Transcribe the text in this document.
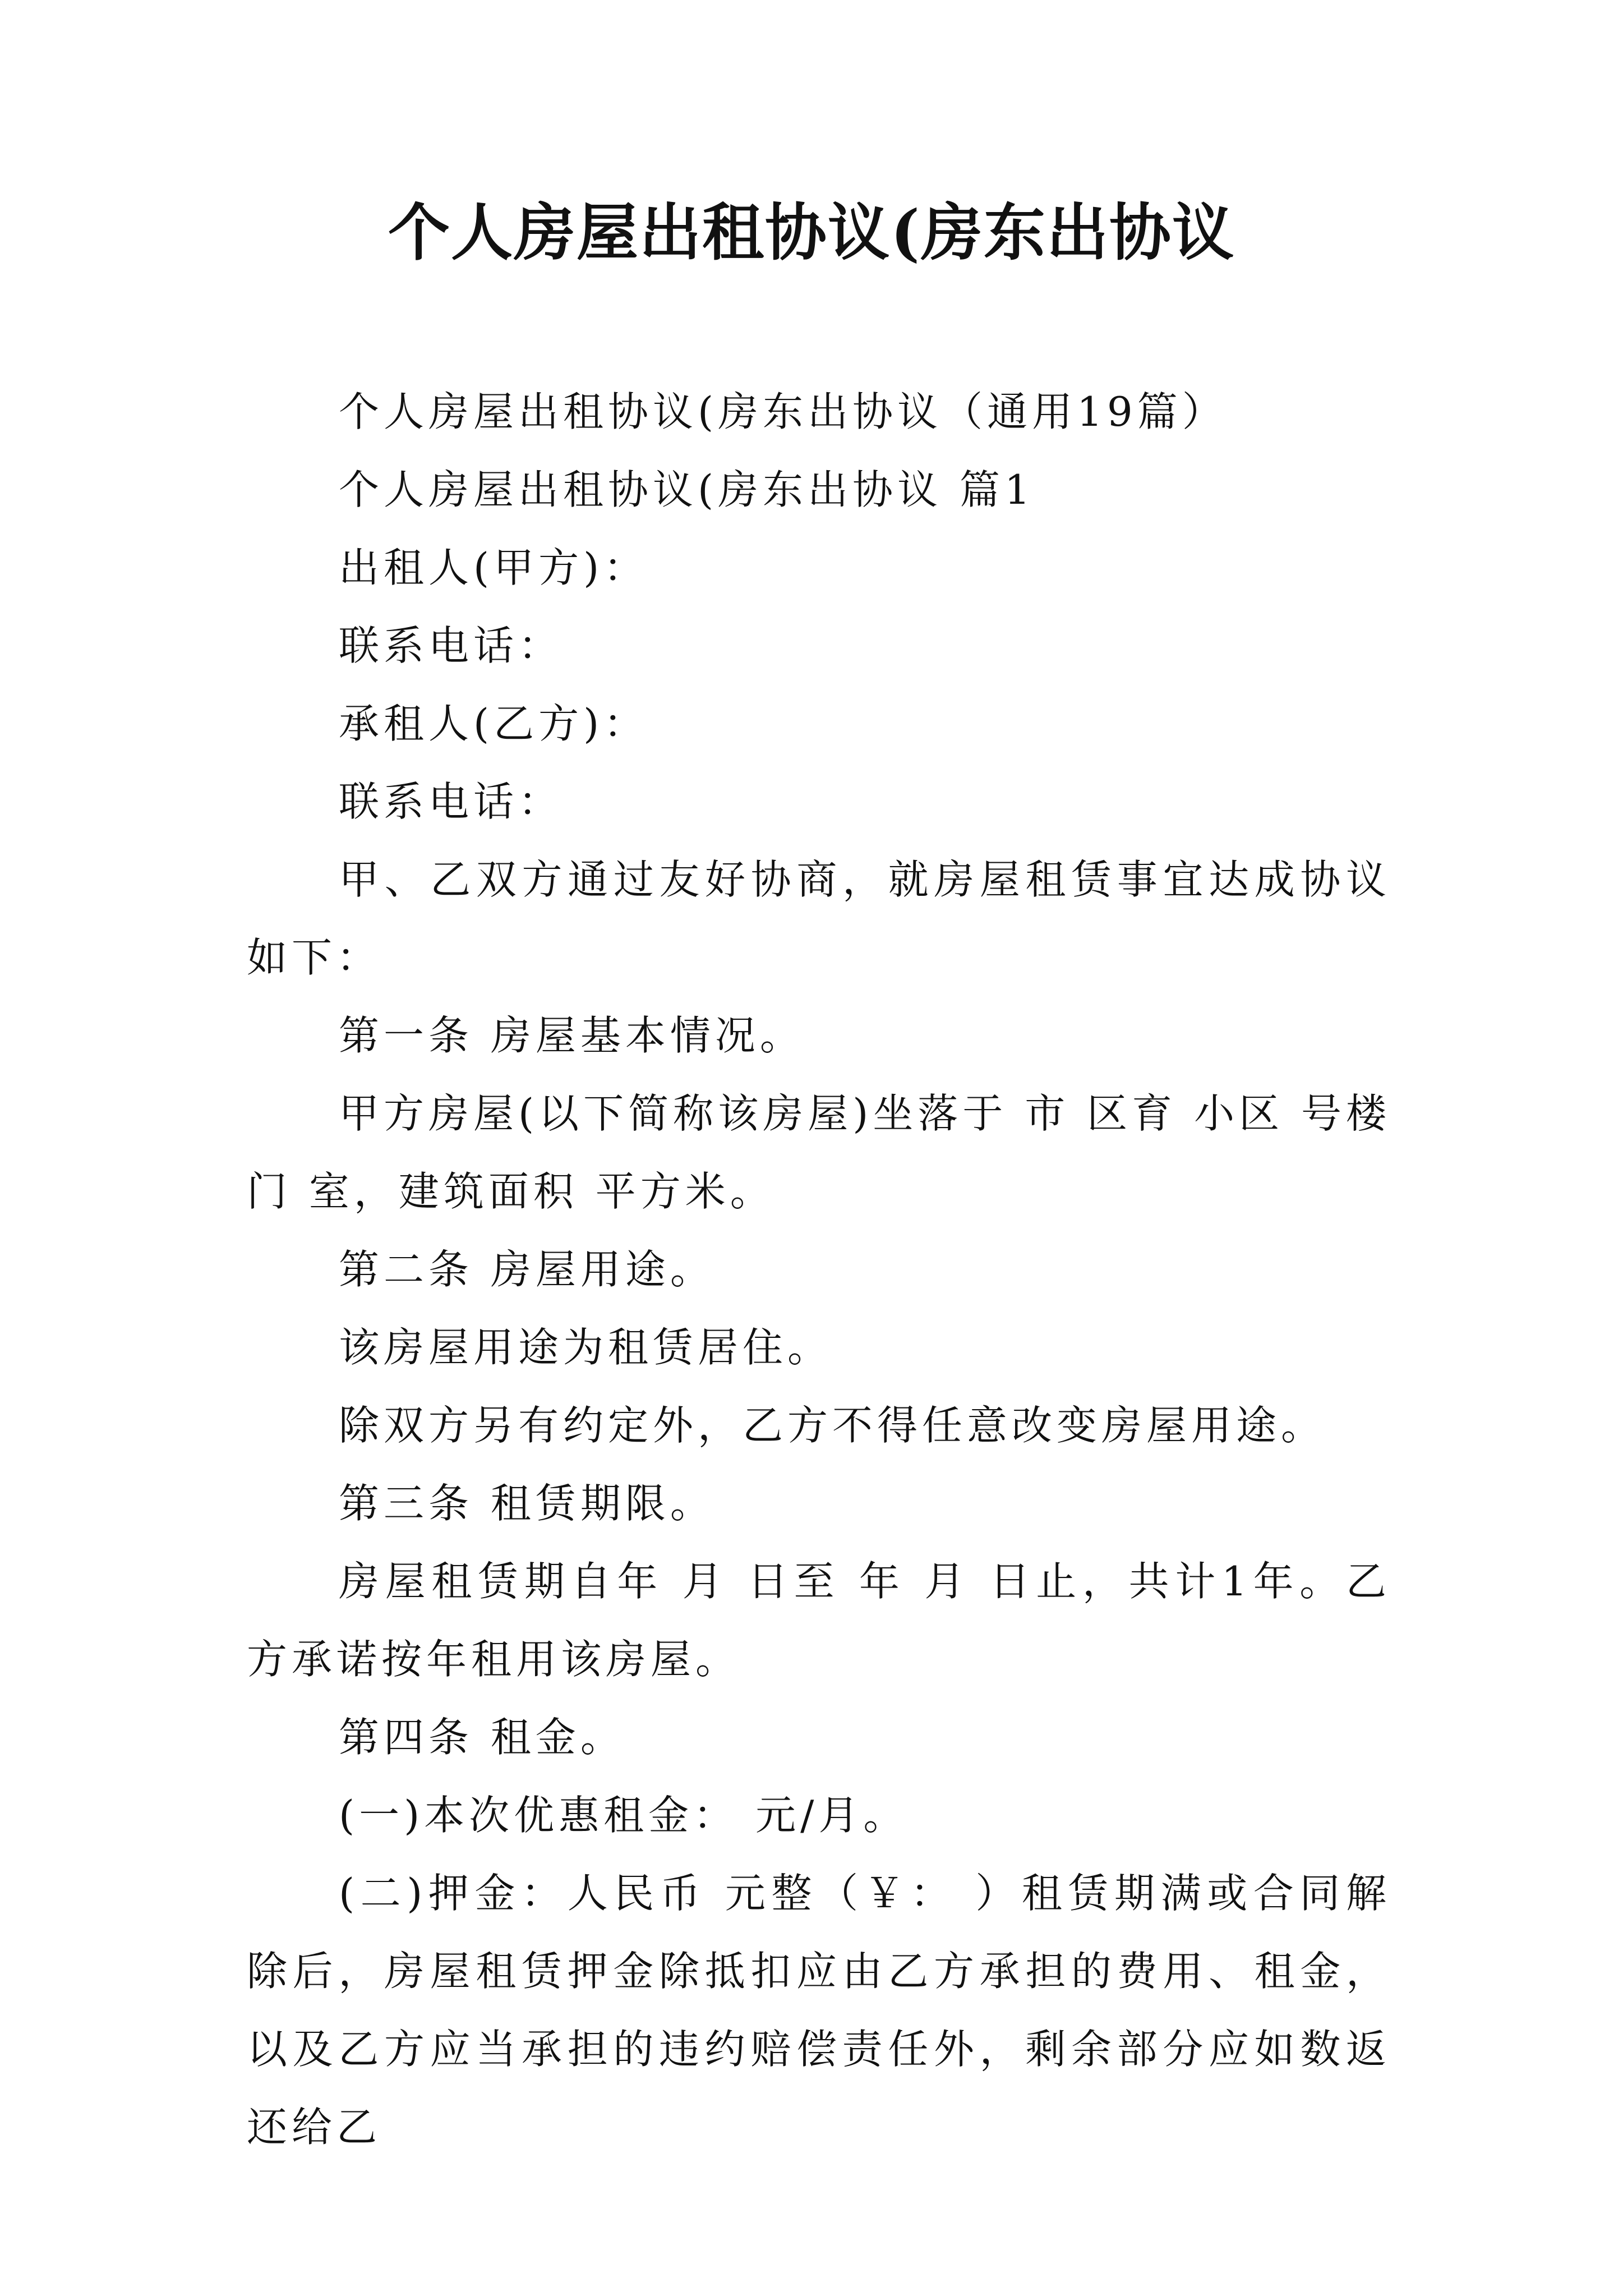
个人房屋出租协议(房东出协议

个人房屋出租协议(房东出协议（通用19篇）

个人房屋出租协议(房东出协议 篇1

出租人(甲方)：

联系电话：

承租人(乙方)：

联系电话：

甲、乙双方通过友好协商，就房屋租赁事宜达成协议如下：

第一条 房屋基本情况。

甲方房屋(以下简称该房屋)坐落于 市 区育 小区 号楼 门 室，建筑面积 平方米。

第二条 房屋用途。

该房屋用途为租赁居住。

除双方另有约定外，乙方不得任意改变房屋用途。

第三条 租赁期限。

房屋租赁期自年 月 日至 年 月 日止，共计1年。乙方承诺按年租用该房屋。

第四条 租金。

(一)本次优惠租金： 元/月。

(二)押金：人民币 元整（￥： ）租赁期满或合同解除后，房屋租赁押金除抵扣应由乙方承担的费用、租金，以及乙方应当承担的违约赔偿责任外，剩余部分应如数返还给乙
